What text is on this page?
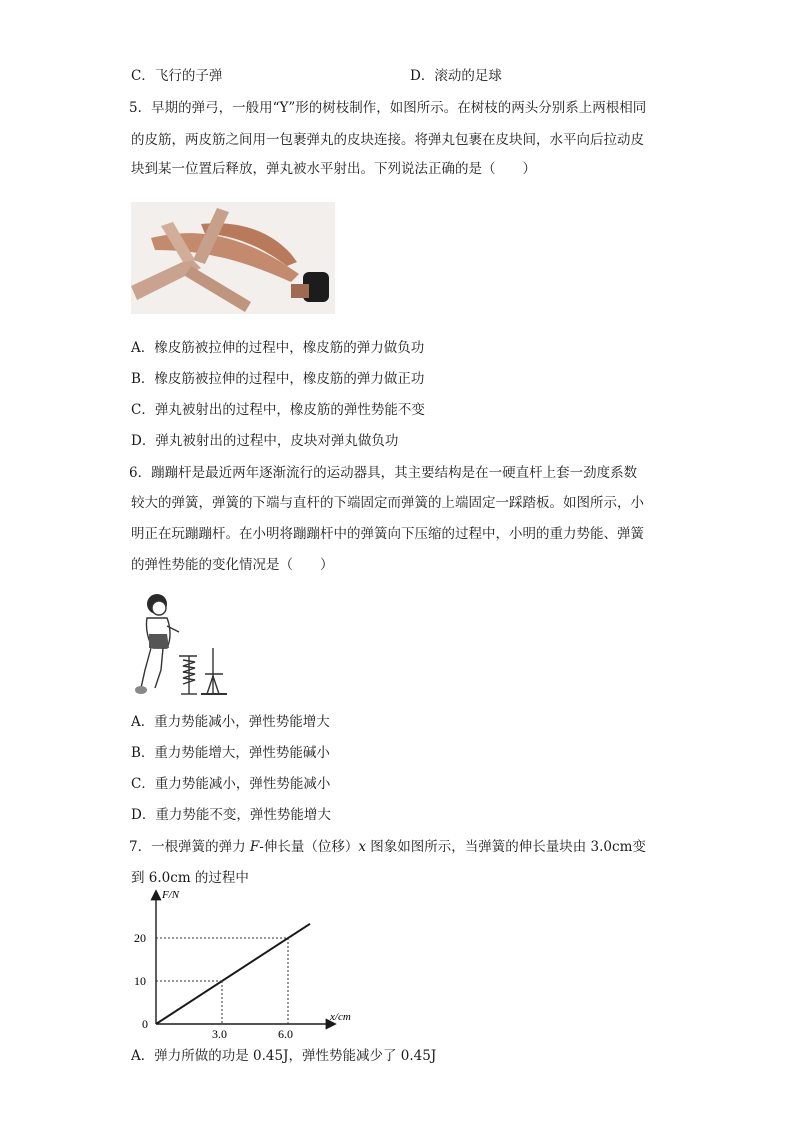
C．飞行的子弹	D．滚动的足球
5．早期的弹弓，一般用“Y”形的树枝制作，如图所示。在树枝的两头分别系上两根相同
的皮筋，两皮筋之间用一包裹弹丸的皮块连接。将弹丸包裹在皮块间，水平向后拉动皮
块到某一位置后释放，弹丸被水平射出。下列说法正确的是（　　）
A．橡皮筋被拉伸的过程中，橡皮筋的弹力做负功
B．橡皮筋被拉伸的过程中，橡皮筋的弹力做正功
C．弹丸被射出的过程中，橡皮筋的弹性势能不变
D．弹丸被射出的过程中，皮块对弹丸做负功
6．蹦蹦杆是最近两年逐渐流行的运动器具，其主要结构是在一硬直杆上套一劲度系数
较大的弹簧，弹簧的下端与直杆的下端固定而弹簧的上端固定一踩踏板。如图所示，小
明正在玩蹦蹦杆。在小明将蹦蹦杆中的弹簧向下压缩的过程中，小明的重力势能、弹簧
的弹性势能的变化情况是（　　）
A．重力势能减小，弹性势能增大
B．重力势能增大，弹性势能碱小
C．重力势能减小，弹性势能减小
D．重力势能不变，弹性势能增大
7．一根弹簧的弹力 F-伸长量（位移）x 图象如图所示，当弹簧的伸长量块由 3.0cm变
到 6.0cm 的过程中
F/N
x/cm
0
3.0	6.0
10
20
A．弹力所做的功是 0.45J，弹性势能减少了 0.45J
